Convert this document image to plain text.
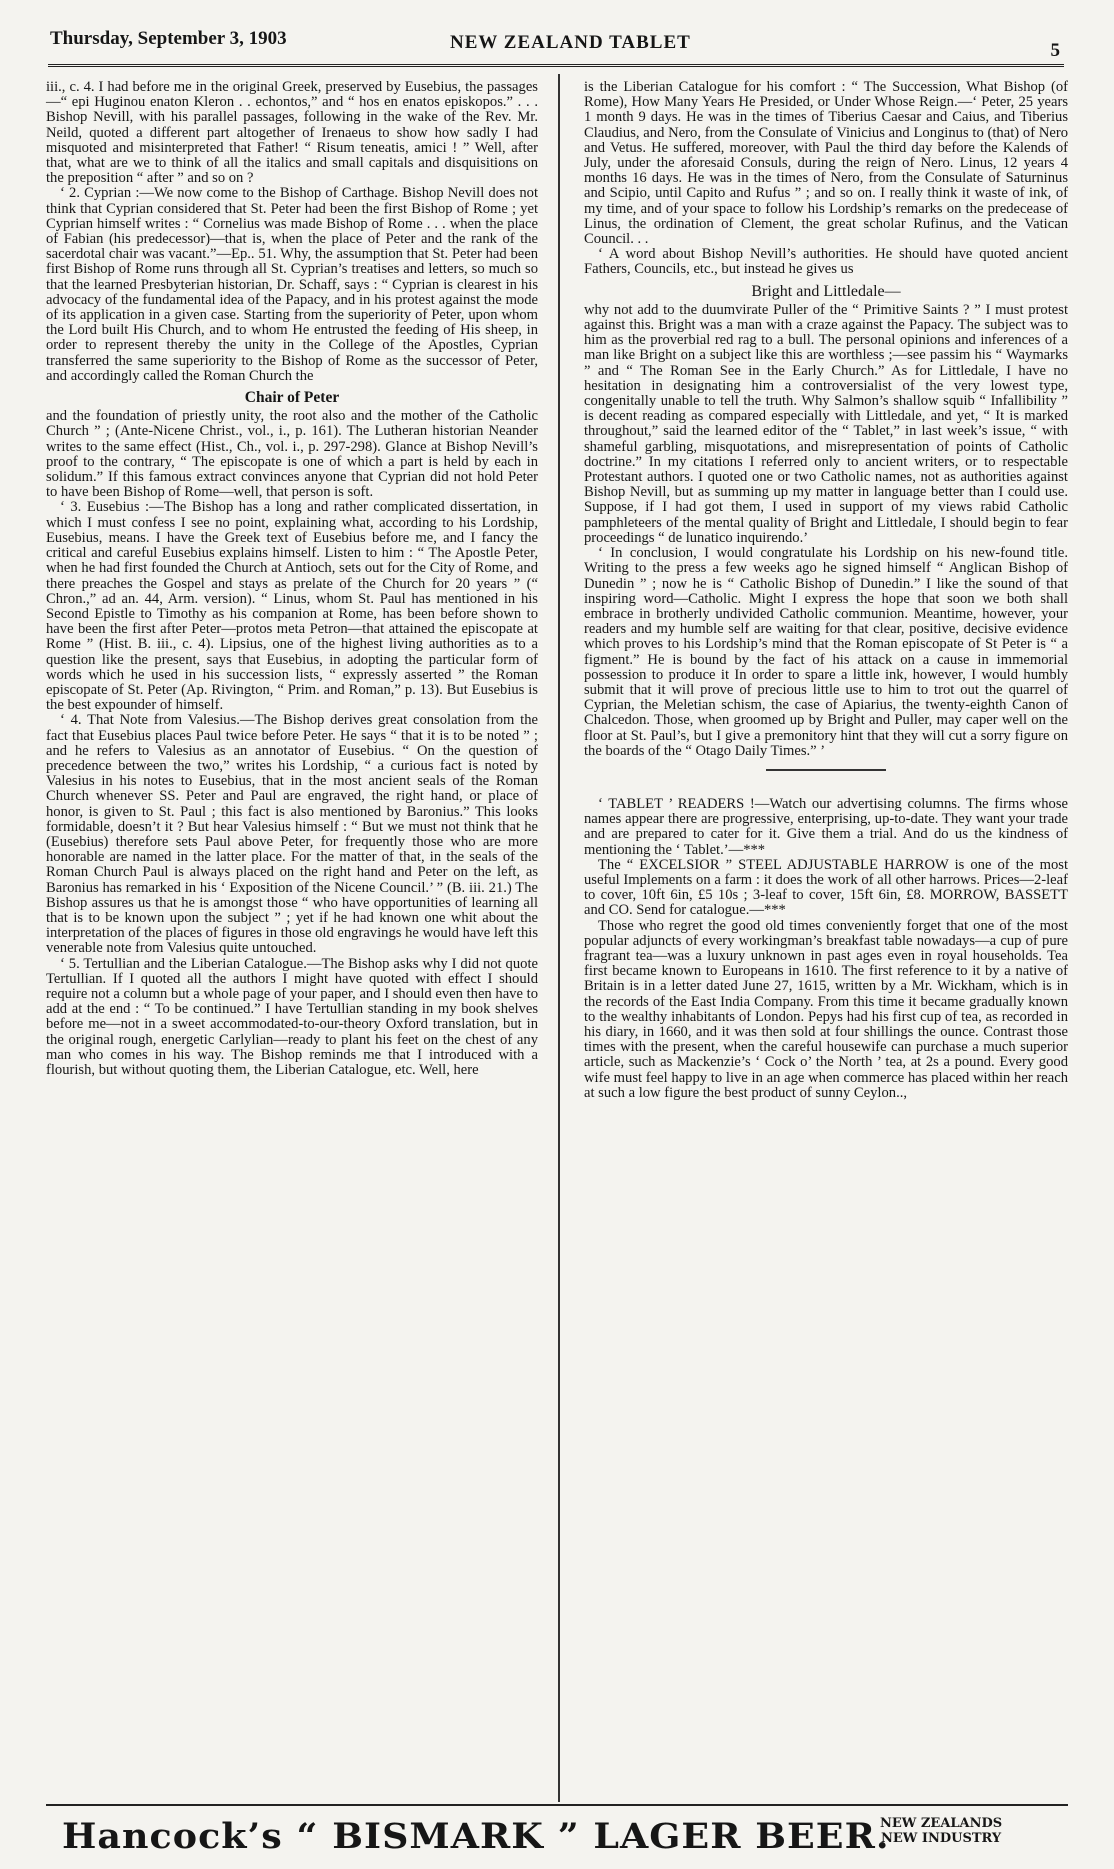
Thursday, September 3, 1903	NEW ZEALAND TABLET	5

iii., c. 4. I had before me in the original Greek, preserved by Eusebius, the passages—“ epi Huginou enaton Kleron . . echontos,” and “ hos en enatos episkopos.” . . . Bishop Nevill, with his parallel passages, following in the wake of the Rev. Mr. Neild, quoted a different part altogether of Irenaeus to show how sadly I had misquoted and misinterpreted that Father! “ Risum teneatis, amici ! ” Well, after that, what are we to think of all the italics and small capitals and disquisitions on the preposition “ after ” and so on ?

‘ 2. Cyprian :—We now come to the Bishop of Carthage. Bishop Nevill does not think that Cyprian considered that St. Peter had been the first Bishop of Rome ; yet Cyprian himself writes : “ Cornelius was made Bishop of Rome . . . when the place of Fabian (his predecessor)—that is, when the place of Peter and the rank of the sacerdotal chair was vacant.”—Ep.. 51. Why, the assumption that St. Peter had been first Bishop of Rome runs through all St. Cyprian’s treatises and letters, so much so that the learned Presbyterian historian, Dr. Schaff, says : “ Cyprian is clearest in his advocacy of the fundamental idea of the Papacy, and in his protest against the mode of its application in a given case. Starting from the superiority of Peter, upon whom the Lord built His Church, and to whom He entrusted the feeding of His sheep, in order to represent thereby the unity in the College of the Apostles, Cyprian transferred the same superiority to the Bishop of Rome as the successor of Peter, and accordingly called the Roman Church the

Chair of Peter

and the foundation of priestly unity, the root also and the mother of the Catholic Church ” ; (Ante-Nicene Christ., vol., i., p. 161). The Lutheran historian Neander writes to the same effect (Hist., Ch., vol. i., p. 297-298). Glance at Bishop Nevill’s proof to the contrary, “ The episcopate is one of which a part is held by each in solidum.” If this famous extract convinces anyone that Cyprian did not hold Peter to have been Bishop of Rome—well, that person is soft.

‘ 3. Eusebius :—The Bishop has a long and rather complicated dissertation, in which I must confess I see no point, explaining what, according to his Lordship, Eusebius, means. I have the Greek text of Eusebius before me, and I fancy the critical and careful Eusebius explains himself. Listen to him : “ The Apostle Peter, when he had first founded the Church at Antioch, sets out for the City of Rome, and there preaches the Gospel and stays as prelate of the Church for 20 years ” (“ Chron.,” ad an. 44, Arm. version). “ Linus, whom St. Paul has mentioned in his Second Epistle to Timothy as his companion at Rome, has been before shown to have been the first after Peter—protos meta Petron—that attained the episcopate at Rome ” (Hist. B. iii., c. 4). Lipsius, one of the highest living authorities as to a question like the present, says that Eusebius, in adopting the particular form of words which he used in his succession lists, “ expressly asserted ” the Roman episcopate of St. Peter (Ap. Rivington, “ Prim. and Roman,” p. 13). But Eusebius is the best expounder of himself.

‘ 4. That Note from Valesius.—The Bishop derives great consolation from the fact that Eusebius places Paul twice before Peter. He says “ that it is to be noted ” ; and he refers to Valesius as an annotator of Eusebius. “ On the question of precedence between the two,” writes his Lordship, “ a curious fact is noted by Valesius in his notes to Eusebius, that in the most ancient seals of the Roman Church whenever SS. Peter and Paul are engraved, the right hand, or place of honor, is given to St. Paul ; this fact is also mentioned by Baronius.” This looks formidable, doesn’t it ? But hear Valesius himself : “ But we must not think that he (Eusebius) therefore sets Paul above Peter, for frequently those who are more honorable are named in the latter place. For the matter of that, in the seals of the Roman Church Paul is always placed on the right hand and Peter on the left, as Baronius has remarked in his ‘ Exposition of the Nicene Council.’ ” (B. iii. 21.) The Bishop assures us that he is amongst those “ who have opportunities of learning all that is to be known upon the subject ” ; yet if he had known one whit about the interpretation of the places of figures in those old engravings he would have left this venerable note from Valesius quite untouched.

‘ 5. Tertullian and the Liberian Catalogue.—The Bishop asks why I did not quote Tertullian. If I quoted all the authors I might have quoted with effect I should require not a column but a whole page of your paper, and I should even then have to add at the end : “ To be continued.” I have Tertullian standing in my book shelves before me—not in a sweet accommodated-to-our-theory Oxford translation, but in the original rough, energetic Carlylian—ready to plant his feet on the chest of any man who comes in his way. The Bishop reminds me that I introduced with a flourish, but without quoting them, the Liberian Catalogue, etc. Well, here

is the Liberian Catalogue for his comfort : “ The Succession, What Bishop (of Rome), How Many Years He Presided, or Under Whose Reign.—‘ Peter, 25 years 1 month 9 days. He was in the times of Tiberius Caesar and Caius, and Tiberius Claudius, and Nero, from the Consulate of Vinicius and Longinus to (that) of Nero and Vetus. He suffered, moreover, with Paul the third day before the Kalends of July, under the aforesaid Consuls, during the reign of Nero. Linus, 12 years 4 months 16 days. He was in the times of Nero, from the Consulate of Saturninus and Scipio, until Capito and Rufus ” ; and so on. I really think it waste of ink, of my time, and of your space to follow his Lordship’s remarks on the predecease of Linus, the ordination of Clement, the great scholar Rufinus, and the Vatican Council. . .

‘ A word about Bishop Nevill’s authorities. He should have quoted ancient Fathers, Councils, etc., but instead he gives us

Bright and Littledale—

why not add to the duumvirate Puller of the “ Primitive Saints ? ” I must protest against this. Bright was a man with a craze against the Papacy. The subject was to him as the proverbial red rag to a bull. The personal opinions and inferences of a man like Bright on a subject like this are worthless ;—see passim his “ Waymarks ” and “ The Roman See in the Early Church.” As for Littledale, I have no hesitation in designating him a controversialist of the very lowest type, congenitally unable to tell the truth. Why Salmon’s shallow squib “ Infallibility ” is decent reading as compared especially with Littledale, and yet, “ It is marked throughout,” said the learned editor of the “ Tablet,” in last week’s issue, “ with shameful garbling, misquotations, and misrepresentation of points of Catholic doctrine.” In my citations I referred only to ancient writers, or to respectable Protestant authors. I quoted one or two Catholic names, not as authorities against Bishop Nevill, but as summing up my matter in language better than I could use. Suppose, if I had got them, I used in support of my views rabid Catholic pamphleteers of the mental quality of Bright and Littledale, I should begin to fear proceedings “ de lunatico inquirendo.’

‘ In conclusion, I would congratulate his Lordship on his new-found title. Writing to the press a few weeks ago he signed himself “ Anglican Bishop of Dunedin ” ; now he is “ Catholic Bishop of Dunedin.” I like the sound of that inspiring word—Catholic. Might I express the hope that soon we both shall embrace in brotherly undivided Catholic communion. Meantime, however, your readers and my humble self are waiting for that clear, positive, decisive evidence which proves to his Lordship’s mind that the Roman episcopate of St Peter is “ a figment.” He is bound by the fact of his attack on a cause in immemorial possession to produce it In order to spare a little ink, however, I would humbly submit that it will prove of precious little use to him to trot out the quarrel of Cyprian, the Meletian schism, the case of Apiarius, the twenty-eighth Canon of Chalcedon. Those, when groomed up by Bright and Puller, may caper well on the floor at St. Paul’s, but I give a premonitory hint that they will cut a sorry figure on the boards of the “ Otago Daily Times.” ’

‘ TABLET ’ READERS !—Watch our advertising columns. The firms whose names appear there are progressive, enterprising, up-to-date. They want your trade and are prepared to cater for it. Give them a trial. And do us the kindness of mentioning the ‘ Tablet.’—***

The “ EXCELSIOR ” STEEL ADJUSTABLE HARROW is one of the most useful Implements on a farm : it does the work of all other harrows. Prices—2-leaf to cover, 10ft 6in, £5 10s ; 3-leaf to cover, 15ft 6in, £8. MORROW, BASSETT and CO. Send for catalogue.—***

Those who regret the good old times conveniently forget that one of the most popular adjuncts of every workingman’s breakfast table nowadays—a cup of pure fragrant tea—was a luxury unknown in past ages even in royal households. Tea first became known to Europeans in 1610. The first reference to it by a native of Britain is in a letter dated June 27, 1615, written by a Mr. Wickham, which is in the records of the East India Company. From this time it became gradually known to the wealthy inhabitants of London. Pepys had his first cup of tea, as recorded in his diary, in 1660, and it was then sold at four shillings the ounce. Contrast those times with the present, when the careful housewife can purchase a much superior article, such as Mackenzie’s ‘ Cock o’ the North ’ tea, at 2s a pound. Every good wife must feel happy to live in an age when commerce has placed within her reach at such a low figure the best product of sunny Ceylon..,

Hancock’s “ BISMARK ” LAGER BEER.
NEW ZEALANDS
NEW INDUSTRY
